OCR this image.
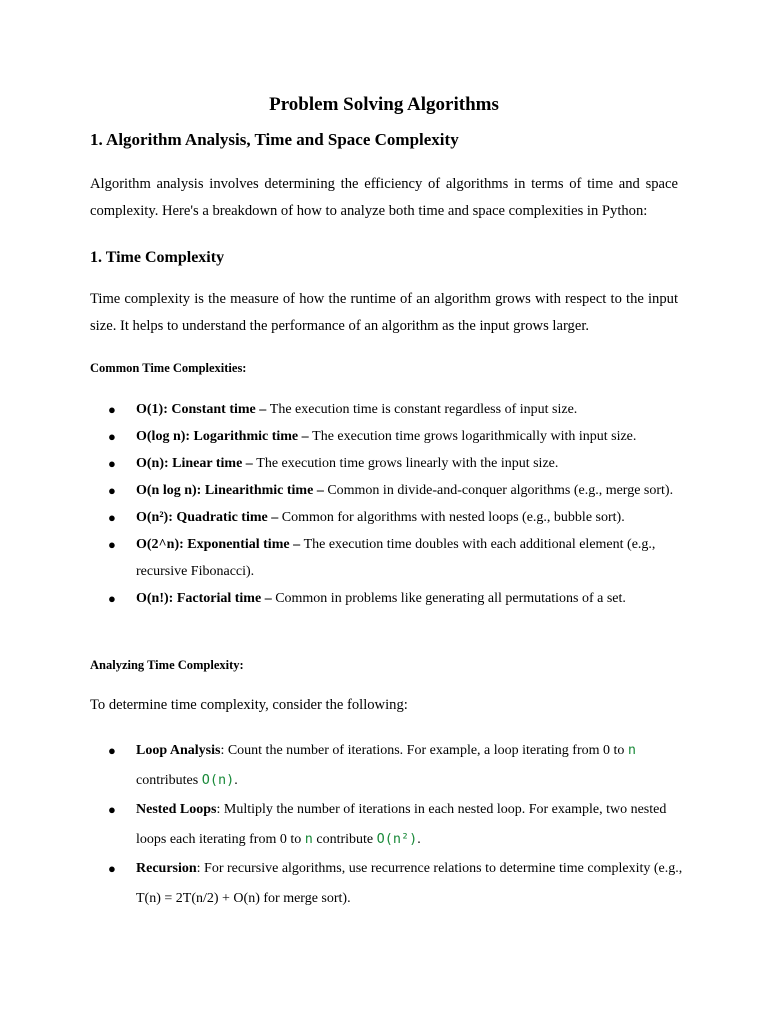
Problem Solving Algorithms
1. Algorithm Analysis, Time and Space Complexity
Algorithm analysis involves determining the efficiency of algorithms in terms of time and space complexity. Here's a breakdown of how to analyze both time and space complexities in Python:
1. Time Complexity
Time complexity is the measure of how the runtime of an algorithm grows with respect to the input size. It helps to understand the performance of an algorithm as the input grows larger.
Common Time Complexities:
● O(1): Constant time – The execution time is constant regardless of input size.
● O(log n): Logarithmic time – The execution time grows logarithmically with input size.
● O(n): Linear time – The execution time grows linearly with the input size.
● O(n log n): Linearithmic time – Common in divide-and-conquer algorithms (e.g., merge sort).
● O(n²): Quadratic time – Common for algorithms with nested loops (e.g., bubble sort).
● O(2^n): Exponential time – The execution time doubles with each additional element (e.g., recursive Fibonacci).
● O(n!): Factorial time – Common in problems like generating all permutations of a set.
Analyzing Time Complexity:
To determine time complexity, consider the following:
● Loop Analysis: Count the number of iterations. For example, a loop iterating from 0 to n contributes O(n).
● Nested Loops: Multiply the number of iterations in each nested loop. For example, two nested loops each iterating from 0 to n contribute O(n²).
● Recursion: For recursive algorithms, use recurrence relations to determine time complexity (e.g., T(n) = 2T(n/2) + O(n) for merge sort).
